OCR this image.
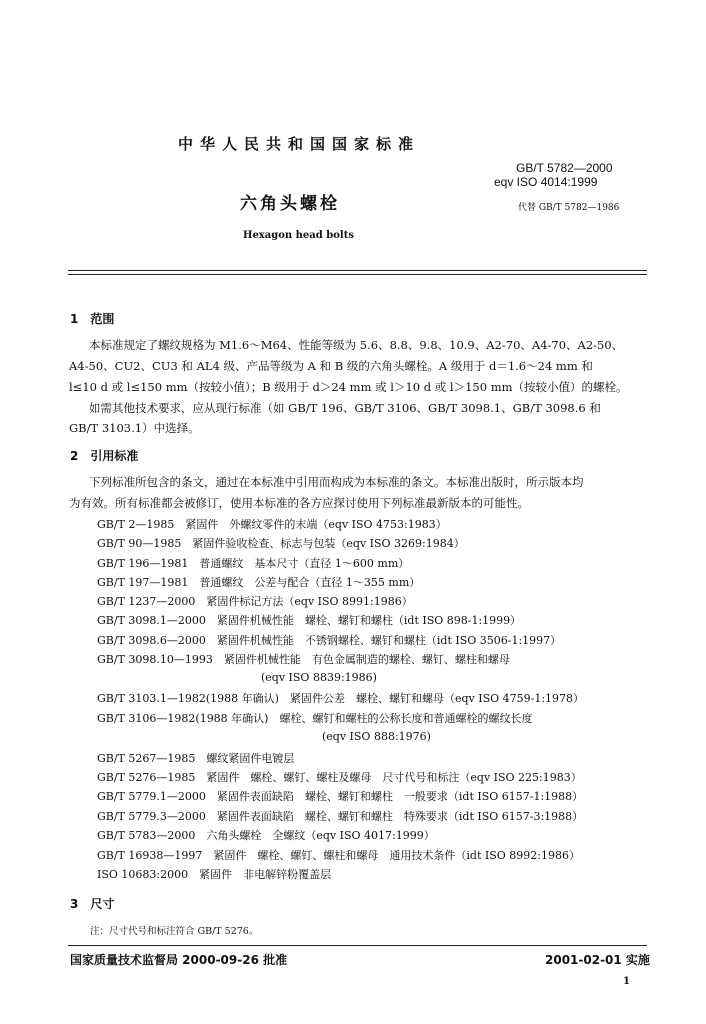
中华人民共和国国家标准
GB/T 5782—2000
eqv ISO 4014:1999
六角头螺栓	代替 GB/T 5782—1986
Hexagon head bolts
1　范围
本标准规定了螺纹规格为 M1.6～M64、性能等级为 5.6、8.8、9.8、10.9、A2-70、A4-70、A2-50、
A4-50、CU2、CU3 和 AL4 级、产品等级为 A 和 B 级的六角头螺栓。A 级用于 d＝1.6～24 mm 和
l≤10 d 或 l≤150 mm（按较小值）；B 级用于 d＞24 mm 或 l＞10 d 或 l＞150 mm（按较小值）的螺栓。
如需其他技术要求，应从现行标准（如 GB/T 196、GB/T 3106、GB/T 3098.1、GB/T 3098.6 和
GB/T 3103.1）中选择。
2　引用标准
下列标准所包含的条文，通过在本标准中引用而构成为本标准的条文。本标准出版时，所示版本均
为有效。所有标准都会被修订，使用本标准的各方应探讨使用下列标准最新版本的可能性。
GB/T 2—1985　紧固件　外螺纹零件的末端（eqv ISO 4753:1983）
GB/T 90—1985　紧固件验收检查、标志与包装（eqv ISO 3269:1984）
GB/T 196—1981　普通螺纹　基本尺寸（直径 1～600 mm）
GB/T 197—1981　普通螺纹　公差与配合（直径 1～355 mm）
GB/T 1237—2000　紧固件标记方法（eqv ISO 8991:1986）
GB/T 3098.1—2000　紧固件机械性能　螺栓、螺钉和螺柱（idt ISO 898-1:1999）
GB/T 3098.6—2000　紧固件机械性能　不锈钢螺栓、螺钉和螺柱（idt ISO 3506-1:1997）
GB/T 3098.10—1993　紧固件机械性能　有色金属制造的螺栓、螺钉、螺柱和螺母
(eqv ISO 8839:1986)
GB/T 3103.1—1982(1988 年确认)　紧固件公差　螺栓、螺钉和螺母（eqv ISO 4759-1:1978）
GB/T 3106—1982(1988 年确认)　螺栓、螺钉和螺柱的公称长度和普通螺栓的螺纹长度
(eqv ISO 888:1976)
GB/T 5267—1985　螺纹紧固件电镀层
GB/T 5276—1985　紧固件　螺栓、螺钉、螺柱及螺母　尺寸代号和标注（eqv ISO 225:1983）
GB/T 5779.1—2000　紧固件表面缺陷　螺栓、螺钉和螺柱　一般要求（idt ISO 6157-1:1988）
GB/T 5779.3—2000　紧固件表面缺陷　螺栓、螺钉和螺柱　特殊要求（idt ISO 6157-3:1988）
GB/T 5783—2000　六角头螺栓　全螺纹（eqv ISO 4017:1999）
GB/T 16938—1997　紧固件　螺栓、螺钉、螺柱和螺母　通用技术条件（idt ISO 8992:1986）
ISO 10683:2000　紧固件　非电解锌粉覆盖层
3　尺寸
注：尺寸代号和标注符合 GB/T 5276。
国家质量技术监督局 2000-09-26 批准	2001-02-01 实施
1
